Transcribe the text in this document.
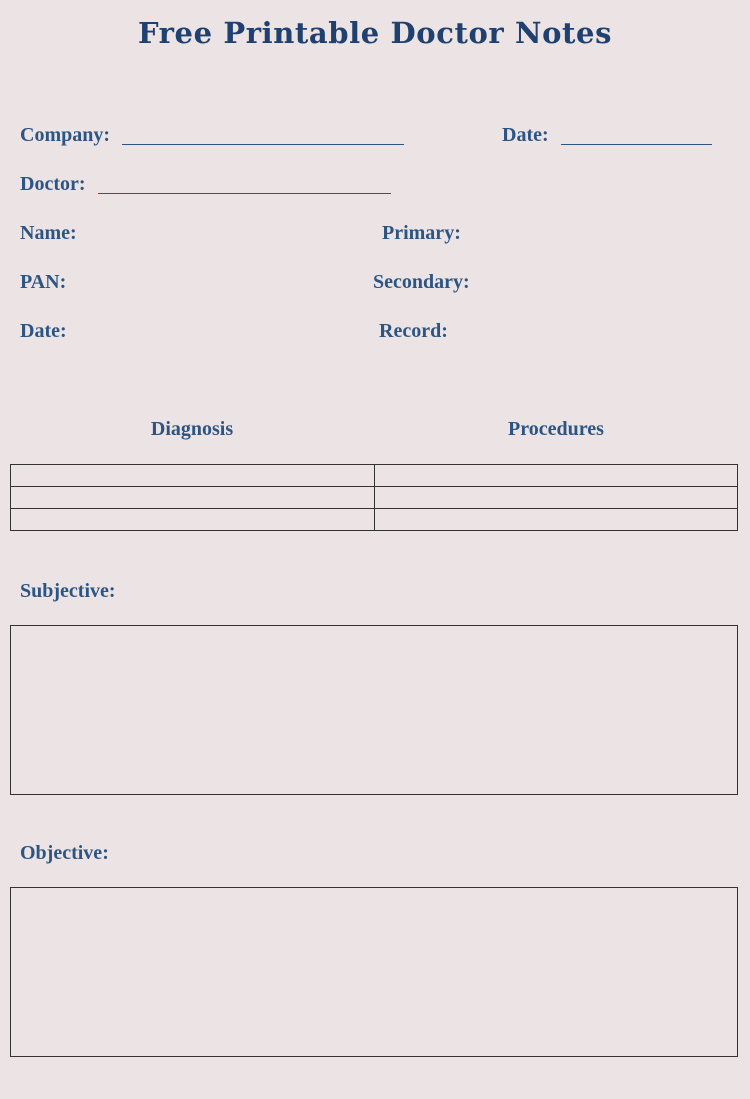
Free Printable Doctor Notes
Company:	Date:
Doctor:
Name:	Primary:
PAN:	Secondary:
Date:	Record:
Diagnosis	Procedures

Subjective:
Objective:
